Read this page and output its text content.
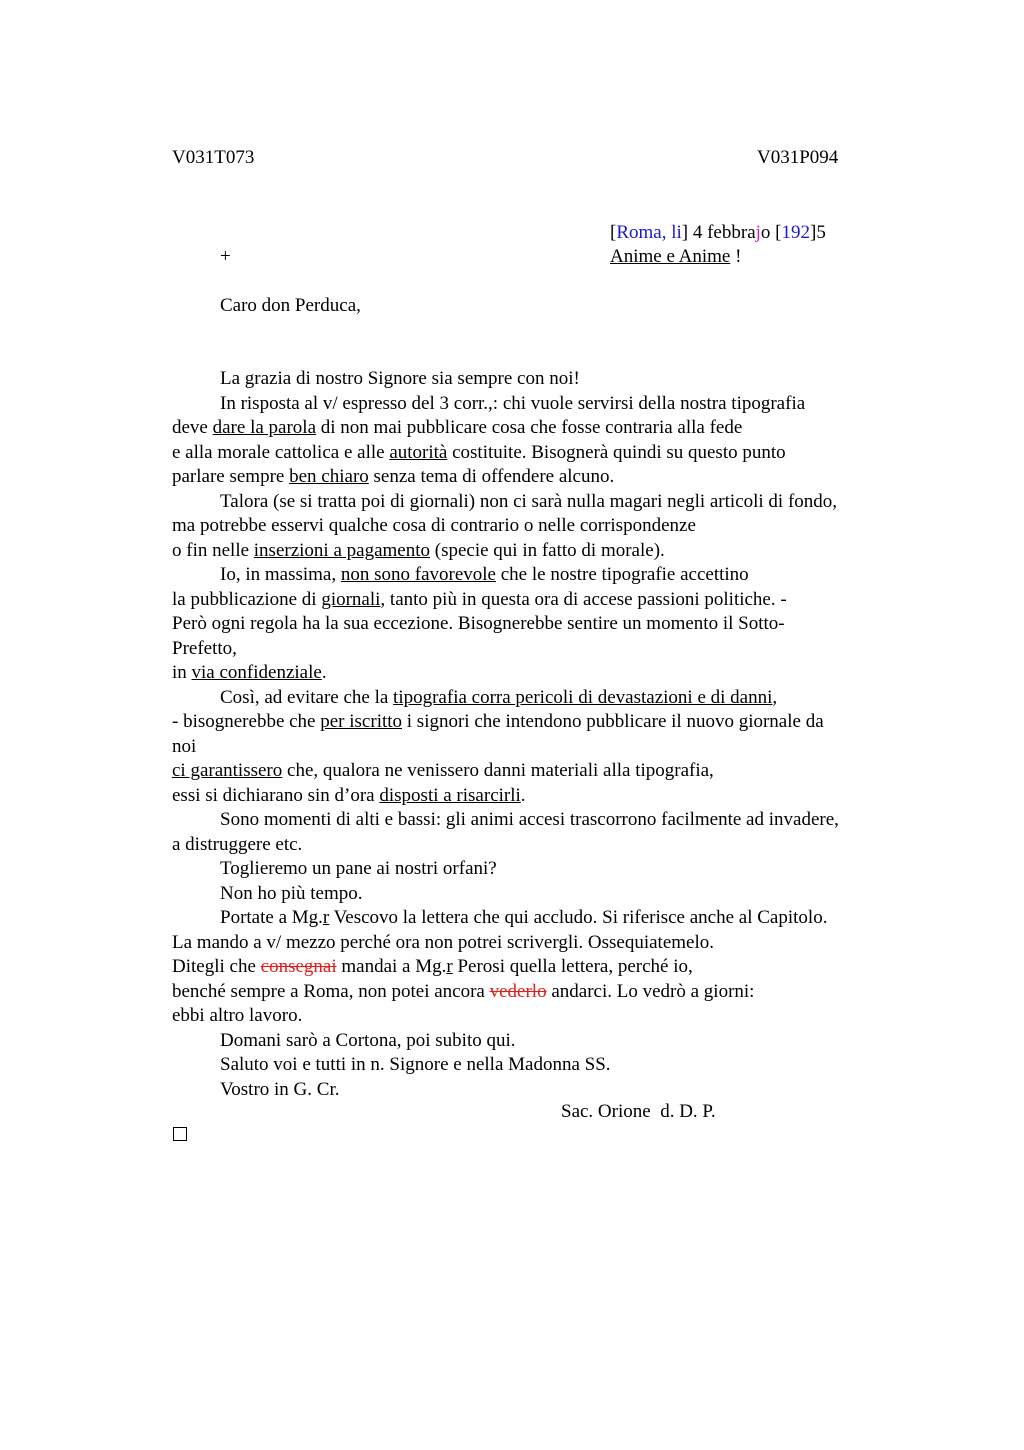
V031T073	V031P094
[Roma, li] 4 febbrajo [192]5
+	Anime e Anime !
Caro don Perduca,
La grazia di nostro Signore sia sempre con noi!
In risposta al v/ espresso del 3 corr.,: chi vuole servirsi della nostra tipografia
deve dare la parola di non mai pubblicare cosa che fosse contraria alla fede
e alla morale cattolica e alle autorità costituite. Bisognerà quindi su questo punto
parlare sempre ben chiaro senza tema di offendere alcuno.
Talora (se si tratta poi di giornali) non ci sarà nulla magari negli articoli di fondo,
ma potrebbe esservi qualche cosa di contrario o nelle corrispondenze
o fin nelle inserzioni a pagamento (specie qui in fatto di morale).
Io, in massima, non sono favorevole che le nostre tipografie accettino
la pubblicazione di giornali, tanto più in questa ora di accese passioni politiche. -
Però ogni regola ha la sua eccezione. Bisognerebbe sentire un momento il Sotto-
Prefetto,
in via confidenziale.
Così, ad evitare che la tipografia corra pericoli di devastazioni e di danni,
- bisognerebbe che per iscritto i signori che intendono pubblicare il nuovo giornale da
noi
ci garantissero che, qualora ne venissero danni materiali alla tipografia,
essi si dichiarano sin d’ora disposti a risarcirli.
Sono momenti di alti e bassi: gli animi accesi trascorrono facilmente ad invadere,
a distruggere etc.
Toglieremo un pane ai nostri orfani?
Non ho più tempo.
Portate a Mg.r Vescovo la lettera che qui accludo. Si riferisce anche al Capitolo.
La mando a v/ mezzo perché ora non potrei scrivergli. Ossequiatemelo.
Ditegli che consegnai mandai a Mg.r Perosi quella lettera, perché io,
benché sempre a Roma, non potei ancora vederlo andarci. Lo vedrò a giorni:
ebbi altro lavoro.
Domani sarò a Cortona, poi subito qui.
Saluto voi e tutti in n. Signore e nella Madonna SS.
Vostro in G. Cr.
Sac. Orione  d. D. P.
